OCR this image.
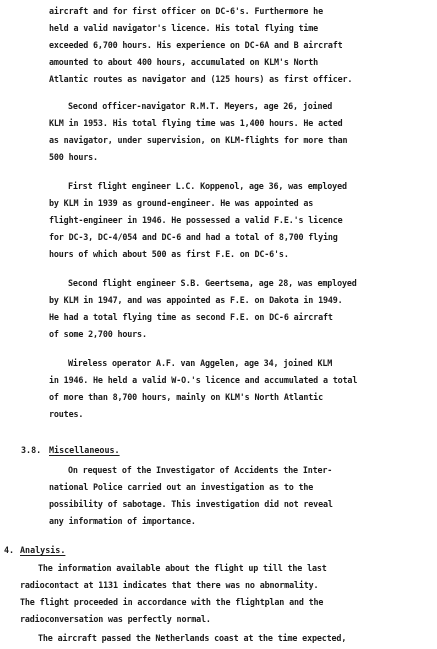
aircraft and for first officer on DC-6's. Furthermore he
held a valid navigator's licence. His total flying time
exceeded 6,700 hours. His experience on DC-6A and B aircraft
amounted to about 400 hours, accumulated on KLM's North
Atlantic routes as navigator and (125 hours) as first officer.
Second officer-navigator R.M.T. Meyers, age 26, joined
KLM in 1953. His total flying time was 1,400 hours. He acted
as navigator, under supervision, on KLM-flights for more than
500 hours.
First flight engineer L.C. Koppenol, age 36, was employed
by KLM in 1939 as ground-engineer. He was appointed as
flight-engineer in 1946. He possessed a valid F.E.'s licence
for DC-3, DC-4/054 and DC-6 and had a total of 8,700 flying
hours of which about 500 as first F.E. on DC-6's.
Second flight engineer S.B. Geertsema, age 28, was employed
by KLM in 1947, and was appointed as F.E. on Dakota in 1949.
He had a total flying time as second F.E. on DC-6 aircraft
of some 2,700 hours.
Wireless operator A.F. van Aggelen, age 34, joined KLM
in 1946. He held a valid W-O.'s licence and accumulated a total
of more than 8,700 hours, mainly on KLM's North Atlantic
routes.
3.8. Miscellaneous.
On request of the Investigator of Accidents the Inter-
national Police carried out an investigation as to the
possibility of sabotage. This investigation did not reveal
any information of importance.
4. Analysis.
The information available about the flight up till the last
radiocontact at 1131 indicates that there was no abnormality.
The flight proceeded in accordance with the flightplan and the
radioconversation was perfectly normal.
The aircraft passed the Netherlands coast at the time expected,
